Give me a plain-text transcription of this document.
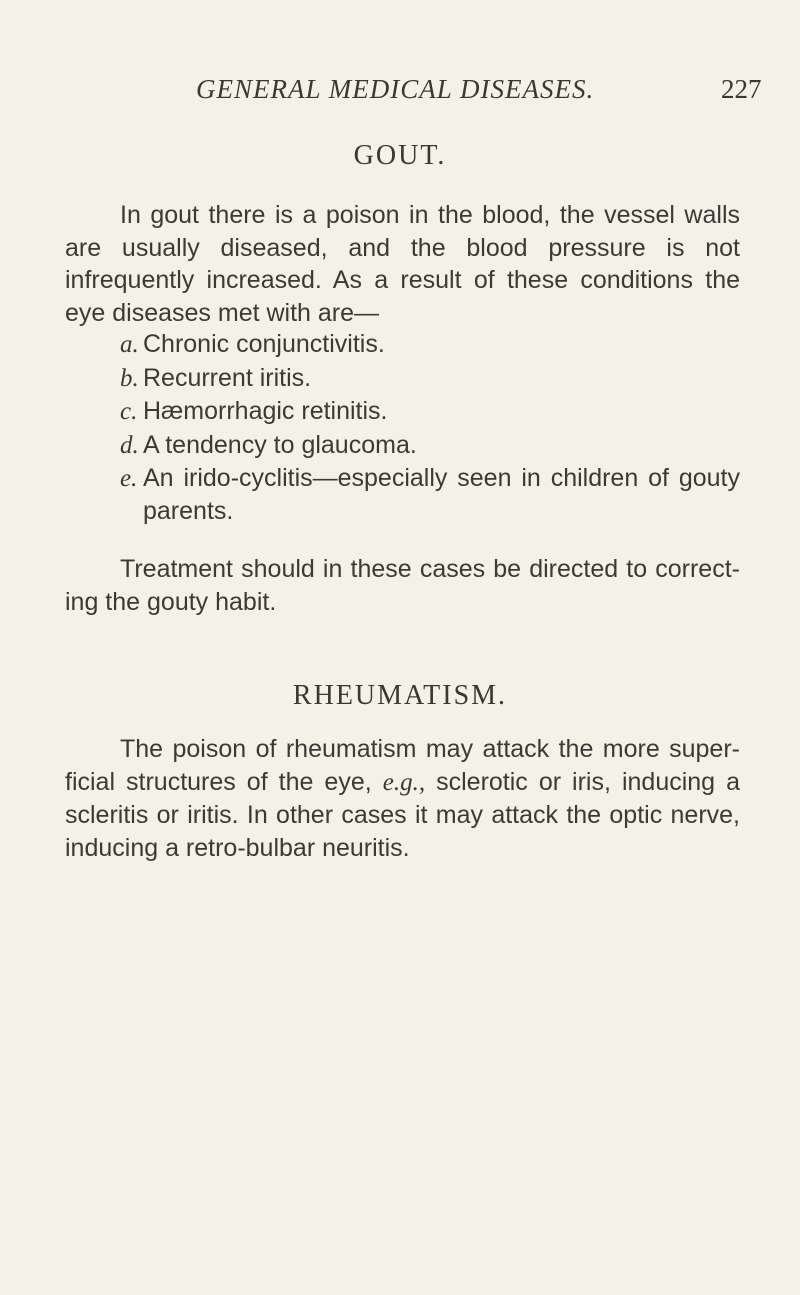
GENERAL MEDICAL DISEASES.	227
GOUT.

In gout there is a poison in the blood, the vessel walls are usually diseased, and the blood pressure is not infrequently increased. As a result of these conditions the eye diseases met with are—

a. Chronic conjunctivitis.
b. Recurrent iritis.
c. Hæmorrhagic retinitis.
d. A tendency to glaucoma.
e. An irido-cyclitis—especially seen in children of gouty parents.

Treatment should in these cases be directed to correct-ing the gouty habit.

RHEUMATISM.

The poison of rheumatism may attack the more super-ficial structures of the eye, e.g., sclerotic or iris, inducing a scleritis or iritis. In other cases it may attack the optic nerve, inducing a retro-bulbar neuritis.
